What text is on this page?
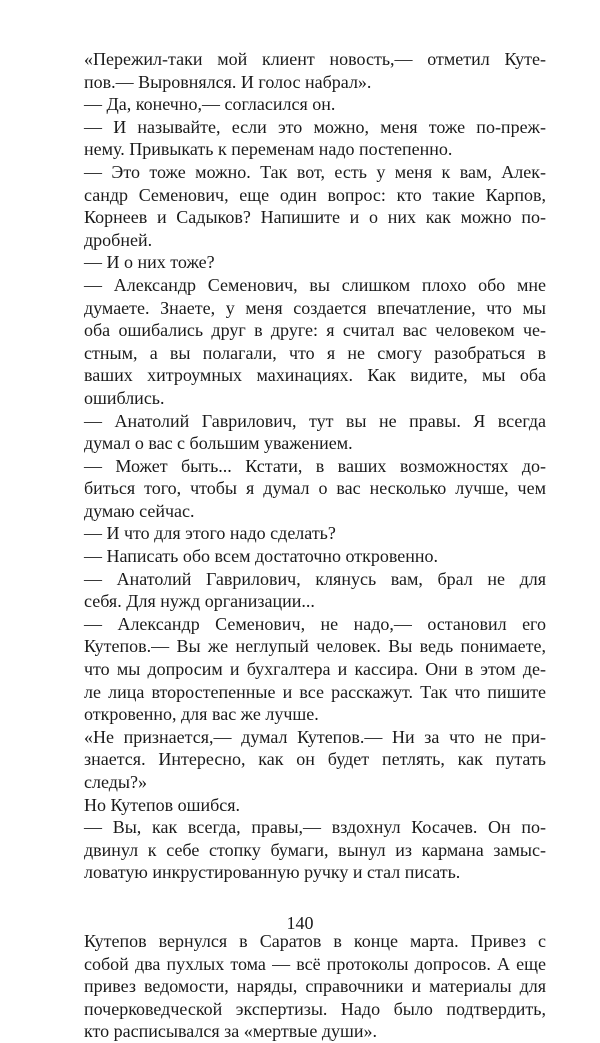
«Пережил-таки мой клиент новость,— отметил Куте-
пов.— Выровнялся. И голос набрал».
— Да, конечно,— согласился он.
— И называйте, если это можно, меня тоже по-преж-
нему. Привыкать к переменам надо постепенно.
— Это тоже можно. Так вот, есть у меня к вам, Алек-
сандр Семенович, еще один вопрос: кто такие Карпов,
Корнеев и Садыков? Напишите и о них как можно по-
дробней.
— И о них тоже?
— Александр Семенович, вы слишком плохо обо мне
думаете. Знаете, у меня создается впечатление, что мы
оба ошибались друг в друге: я считал вас человеком че-
стным, а вы полагали, что я не смогу разобраться в
ваших хитроумных махинациях. Как видите, мы оба
ошиблись.
— Анатолий Гаврилович, тут вы не правы. Я всегда
думал о вас с большим уважением.
— Может быть... Кстати, в ваших возможностях до-
биться того, чтобы я думал о вас несколько лучше, чем
думаю сейчас.
— И что для этого надо сделать?
— Написать обо всем достаточно откровенно.
— Анатолий Гаврилович, клянусь вам, брал не для
себя. Для нужд организации...
— Александр Семенович, не надо,— остановил его
Кутепов.— Вы же неглупый человек. Вы ведь понимаете,
что мы допросим и бухгалтера и кассира. Они в этом де-
ле лица второстепенные и все расскажут. Так что пишите
откровенно, для вас же лучше.
«Не признается,— думал Кутепов.— Ни за что не при-
знается. Интересно, как он будет петлять, как путать
следы?»
Но Кутепов ошибся.
— Вы, как всегда, правы,— вздохнул Косачев. Он по-
двинул к себе стопку бумаги, вынул из кармана замыс-
ловатую инкрустированную ручку и стал писать.
Кутепов вернулся в Саратов в конце марта. Привез с
собой два пухлых тома — всё протоколы допросов. А еще
привез ведомости, наряды, справочники и материалы для
почерковедческой экспертизы. Надо было подтвердить,
кто расписывался за «мертвые души».
140
